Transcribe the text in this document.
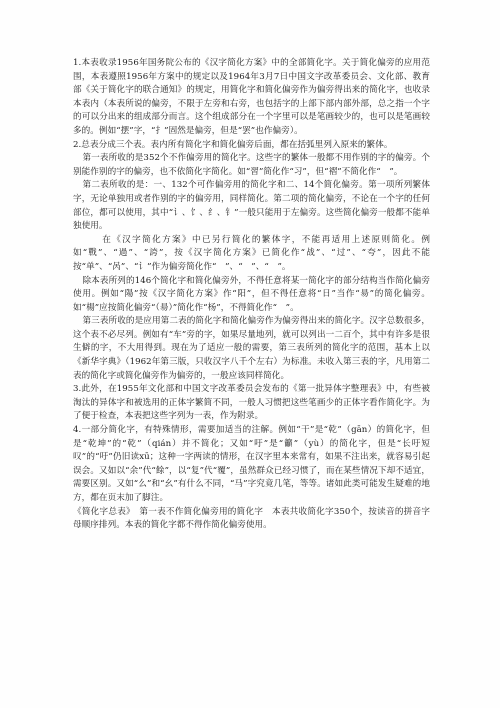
1.本表收录1956年国务院公布的《汉字简化方案》中的全部简化字。关于简化偏旁的应用范围，本表遵照1956年方案中的规定以及1964年3月7日中国文字改革委员会、文化部、教育部《关于简化字的联合通知》的规定，用简化字和简化偏旁作为偏旁得出来的简化字，也收录本表内（本表所说的偏旁，不限于左旁和右旁，也包括字的上部下部内部外部，总之指一个字的可以分出来的组成部分而言。这个组成部分在一个字里可以是笔画较少的，也可以是笔画较多的。例如“摆”字，“扌”固然是偏旁，但是“罢”也作偏旁）。

2.总表分成三个表。表内所有简化字和简化偏旁后面，都在括弧里列入原来的繁体。

第一表所收的是352个不作偏旁用的简化字。这些字的繁体一般都不用作别的字的偏旁。个别能作别的字的偏旁，也不依简化字简化。如“習”简化作“习”，但“褶”不简化作“　”。

第二表所收的是：一、132个可作偏旁用的简化字和二、14个简化偏旁。第一项所列繁体字，无论单独用或者作别的字的偏旁用，同样简化。第二项的简化偏旁，不论在一个字的任何部位，都可以使用，其中“讠、饣、纟、钅”一般只能用于左偏旁。这些简化偏旁一般都不能单独使用。

在《汉字简化方案》中已另行简化的繁体字，不能再适用上述原则简化。例如“戰”、“過”、“誇”，按《汉字简化方案》已简化作“战”、“过”、“夸”，因此不能按“单”、“呙”、“讠”作为偏旁简化作“　”、“　”、“　”。

除本表所列的146个简化字和简化偏旁外，不得任意将某一简化字的部分结构当作简化偏旁使用。例如“陽”按《汉字简化方案》作“阳”，但不得任意将“日”当作“昜”的简化偏旁。如“楊”应按简化偏旁“（昜）”简化作“杨”，不得简化作“　”。

第三表所收的是应用第二表的简化字和简化偏旁作为偏旁得出来的简化字。汉字总数很多，这个表不必尽列。例如有“车”旁的字，如果尽量地列，就可以列出一二百个，其中有许多是很生僻的字，不大用得到。现在为了适应一般的需要，第三表所列的简化字的范围，基本上以《新华字典》（1962年第三版，只收汉字八千个左右）为标准。未收入第三表的字，凡用第二表的简化字或简化偏旁作为偏旁的，一般应该同样简化。

3.此外，在1955年文化部和中国文字改革委员会发布的《第一批异体字整理表》中，有些被淘汰的异体字和被选用的正体字繁简不同，一般人习惯把这些笔画少的正体字看作简化字。为了便于检查，本表把这些字列为一表，作为附录。

4.一部分简化字，有特殊情形，需要加适当的注解。例如“干”是“乾”（gān）的简化字，但是“乾坤”的“乾”（qián）并不简化；又如“吁”是“籲”（yù）的简化字，但是“长吁短叹”的“吁”仍旧读xū；这种一字两读的情形，在汉字里本来常有，如果不注出来，就容易引起误会。又如以“余”代“餘”，以“复”代“覆”，虽然群众已经习惯了，而在某些情况下却不适宜，需要区别。又如“么”和“幺”有什么不同，“马”字究竟几笔，等等。诸如此类可能发生疑难的地方，都在页末加了脚注。

《简化字总表》　第一表不作简化偏旁用的简化字　本表共收简化字350个，按读音的拼音字母顺序排列。本表的简化字都不得作简化偏旁使用。
